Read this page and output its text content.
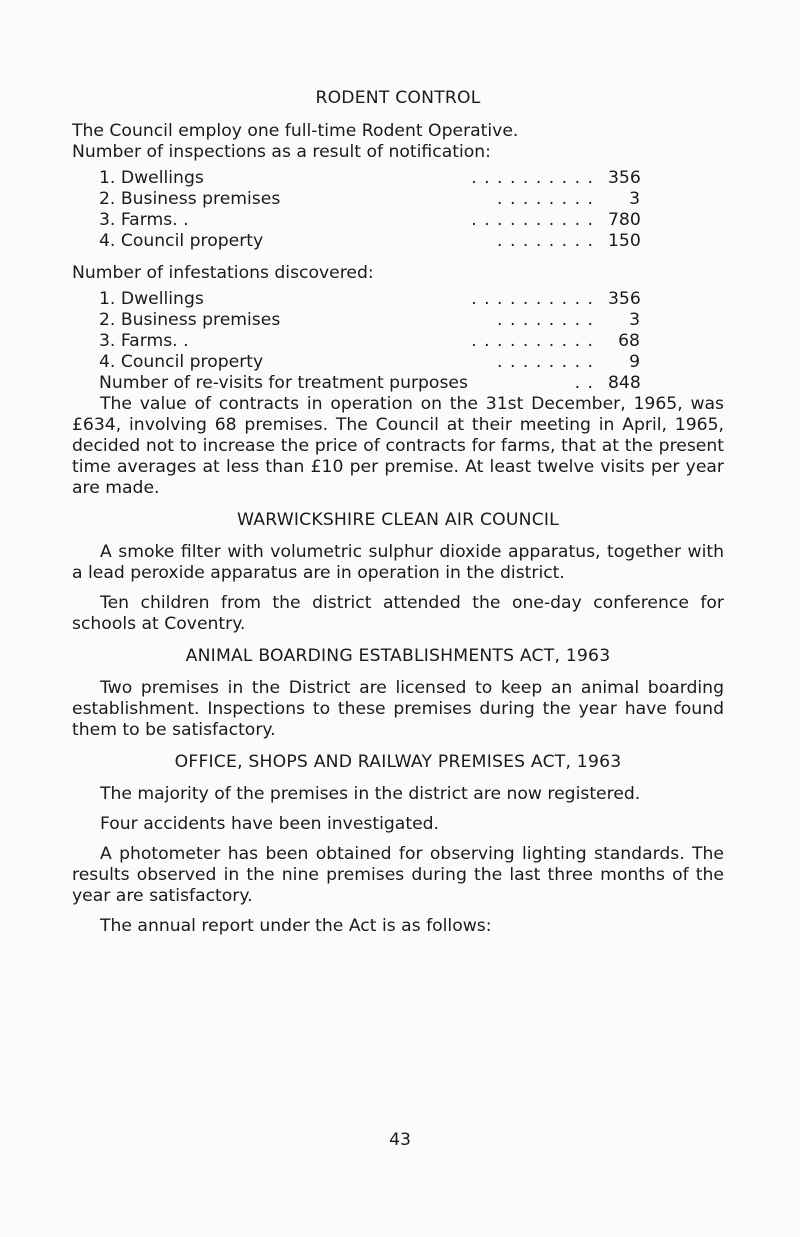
RODENT CONTROL

The Council employ one full-time Rodent Operative.

Number of inspections as a result of notification:

1. Dwellings	. . . . . . . . . . 356
2. Business premises	. . . . . . . .	3
3. Farms. .	. . . . . . . . . . 780
4. Council property	. . . . . . . . 150

Number of infestations discovered:

1. Dwellings	. . . . . . . . . . 356
2. Business premises	. . . . . . . .	3
3. Farms. .	. . . . . . . . . .	68
4. Council property	. . . . . . . .	9
Number of re-visits for treatment purposes	. . 848

The value of contracts in operation on the 31st December, 1965, was £634, involving 68 premises. The Council at their meeting in April, 1965, decided not to increase the price of contracts for farms, that at the present time averages at less than £10 per premise. At least twelve visits per year are made.

WARWICKSHIRE CLEAN AIR COUNCIL

A smoke filter with volumetric sulphur dioxide apparatus, together with a lead peroxide apparatus are in operation in the district.

Ten children from the district attended the one-day conference for schools at Coventry.

ANIMAL BOARDING ESTABLISHMENTS ACT, 1963

Two premises in the District are licensed to keep an animal boarding establishment. Inspections to these premises during the year have found them to be satisfactory.

OFFICE, SHOPS AND RAILWAY PREMISES ACT, 1963

The majority of the premises in the district are now registered.

Four accidents have been investigated.

A photometer has been obtained for observing lighting standards. The results observed in the nine premises during the last three months of the year are satisfactory.

The annual report under the Act is as follows:

43
